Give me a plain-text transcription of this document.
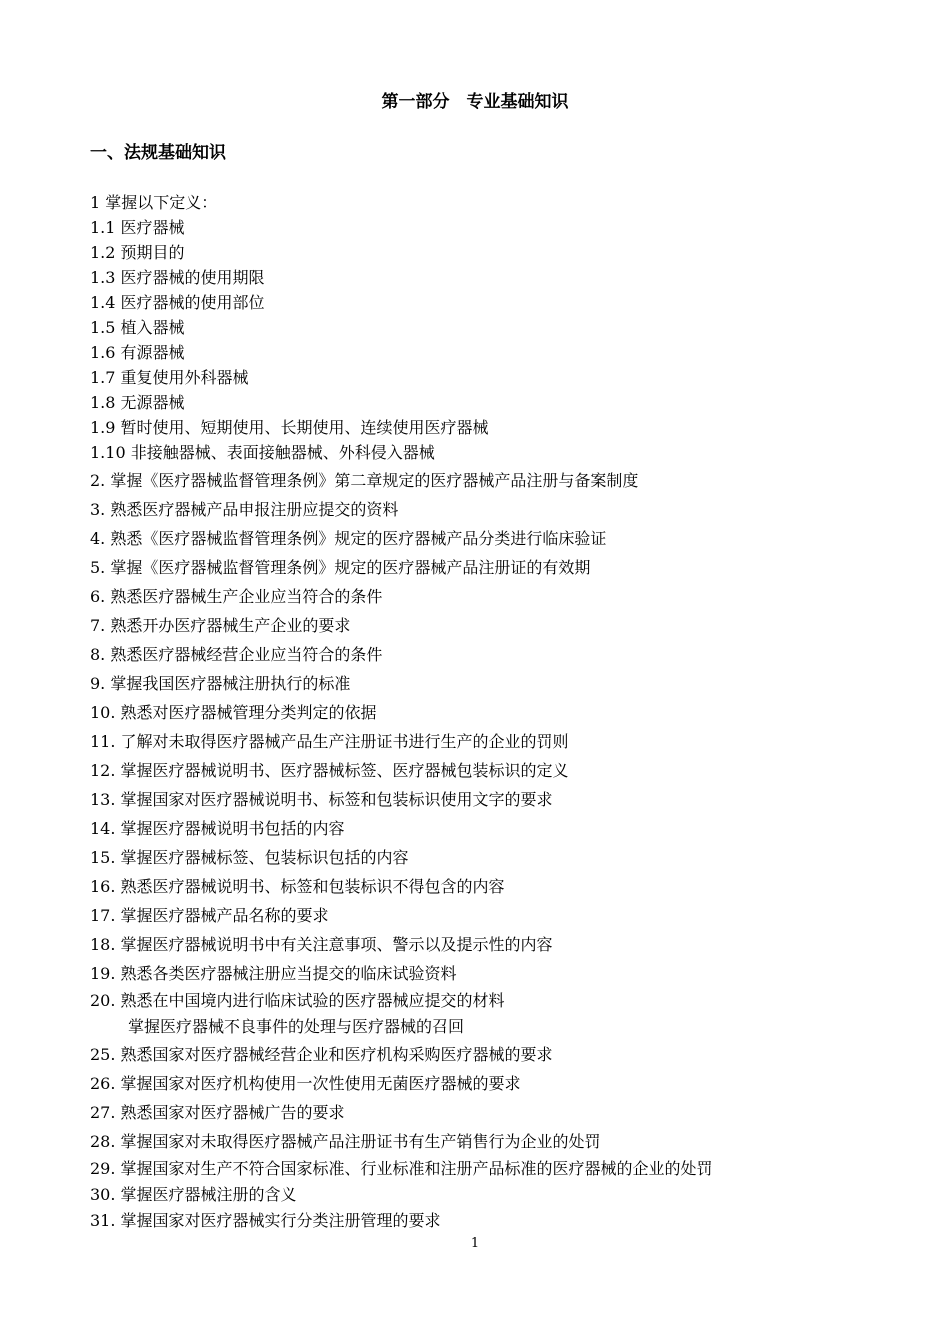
第一部分　专业基础知识
一、法规基础知识
1 掌握以下定义：
1.1 医疗器械
1.2 预期目的
1.3 医疗器械的使用期限
1.4 医疗器械的使用部位
1.5 植入器械
1.6 有源器械
1.7 重复使用外科器械
1.8 无源器械
1.9 暂时使用、短期使用、长期使用、连续使用医疗器械
1.10 非接触器械、表面接触器械、外科侵入器械
2. 掌握《医疗器械监督管理条例》第二章规定的医疗器械产品注册与备案制度
3. 熟悉医疗器械产品申报注册应提交的资料
4. 熟悉《医疗器械监督管理条例》规定的医疗器械产品分类进行临床验证
5. 掌握《医疗器械监督管理条例》规定的医疗器械产品注册证的有效期
6. 熟悉医疗器械生产企业应当符合的条件
7. 熟悉开办医疗器械生产企业的要求
8. 熟悉医疗器械经营企业应当符合的条件
9. 掌握我国医疗器械注册执行的标准
10. 熟悉对医疗器械管理分类判定的依据
11. 了解对未取得医疗器械产品生产注册证书进行生产的企业的罚则
12. 掌握医疗器械说明书、医疗器械标签、医疗器械包装标识的定义
13. 掌握国家对医疗器械说明书、标签和包装标识使用文字的要求
14. 掌握医疗器械说明书包括的内容
15. 掌握医疗器械标签、包装标识包括的内容
16. 熟悉医疗器械说明书、标签和包装标识不得包含的内容
17. 掌握医疗器械产品名称的要求
18. 掌握医疗器械说明书中有关注意事项、警示以及提示性的内容
19. 熟悉各类医疗器械注册应当提交的临床试验资料
20. 熟悉在中国境内进行临床试验的医疗器械应提交的材料
掌握医疗器械不良事件的处理与医疗器械的召回
25. 熟悉国家对医疗器械经营企业和医疗机构采购医疗器械的要求
26. 掌握国家对医疗机构使用一次性使用无菌医疗器械的要求
27. 熟悉国家对医疗器械广告的要求
28. 掌握国家对未取得医疗器械产品注册证书有生产销售行为企业的处罚
29. 掌握国家对生产不符合国家标准、行业标准和注册产品标准的医疗器械的企业的处罚
30. 掌握医疗器械注册的含义
31. 掌握国家对医疗器械实行分类注册管理的要求
1
